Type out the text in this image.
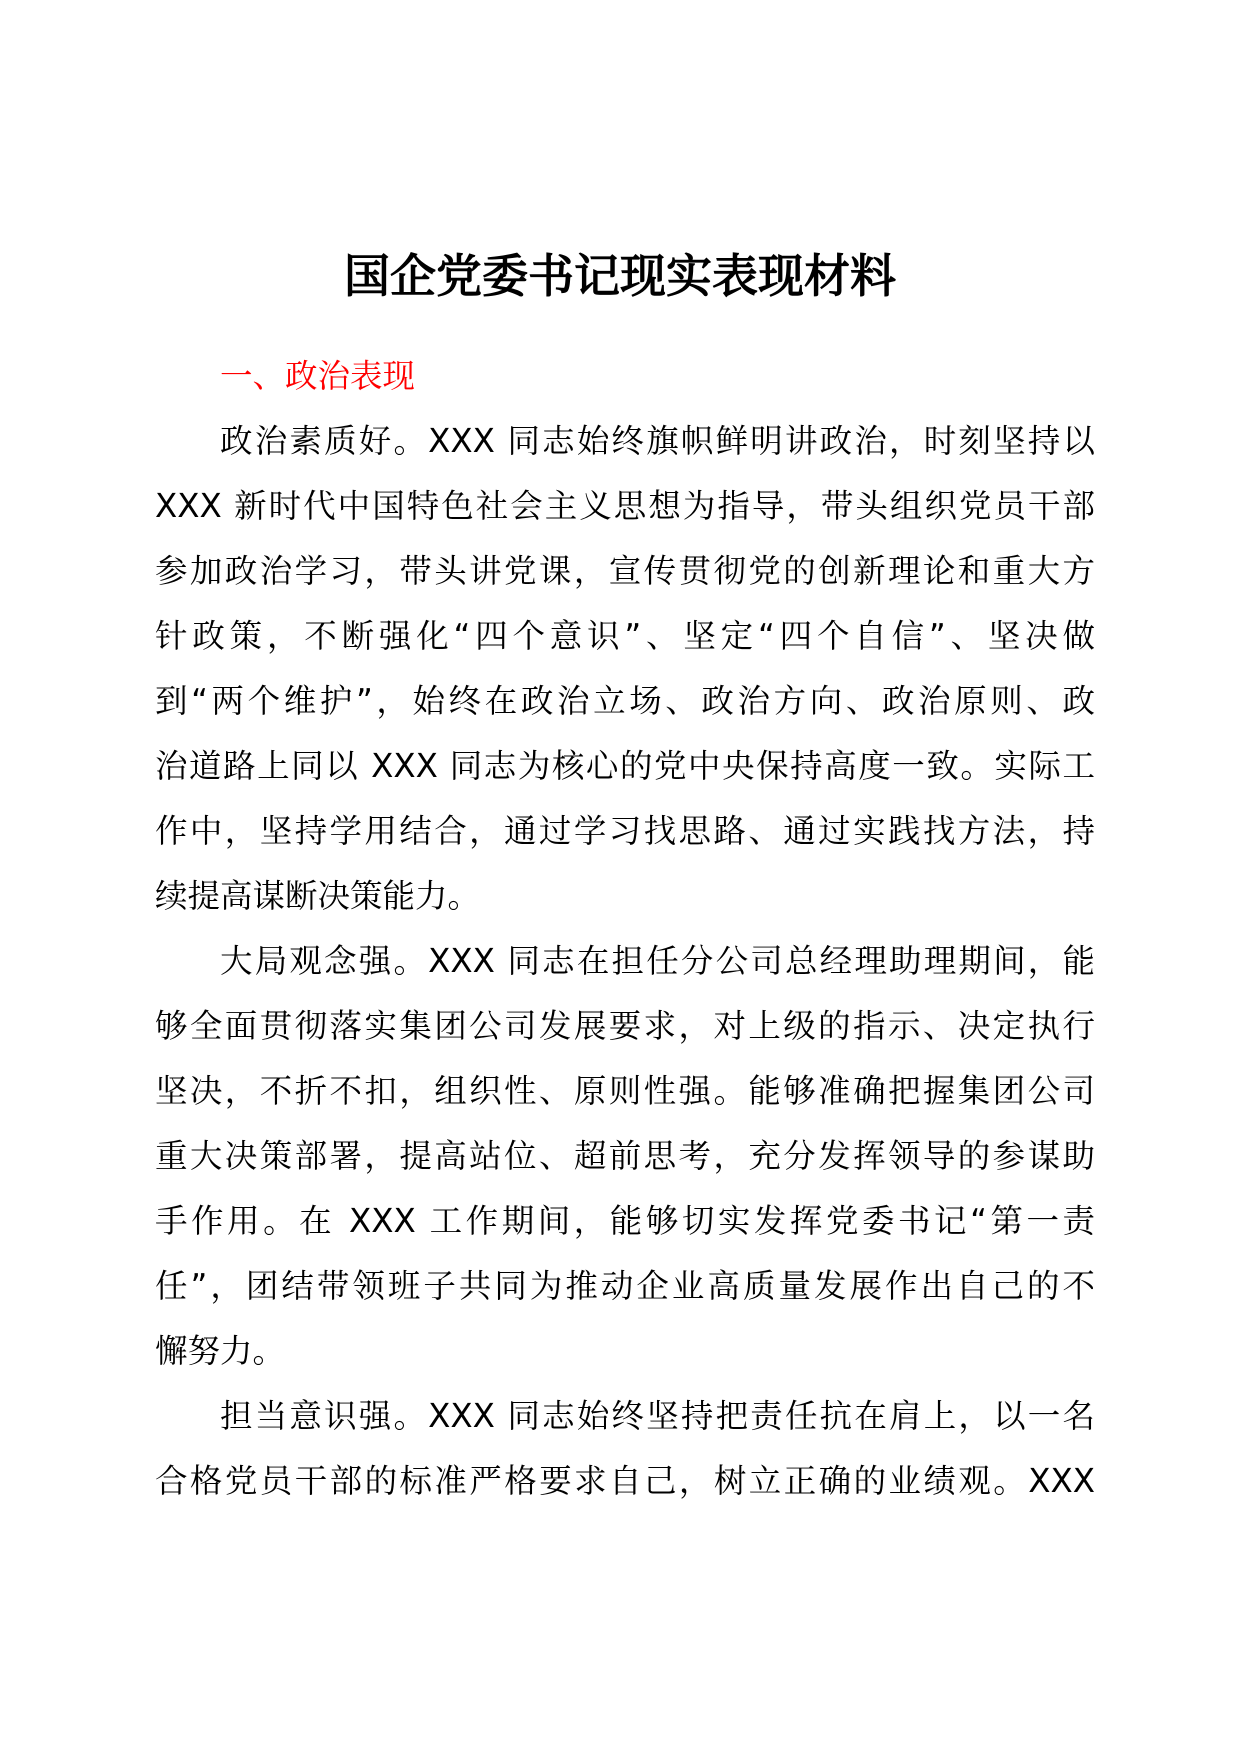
国企党委书记现实表现材料
一、政治表现
政治素质好。XXX 同志始终旗帜鲜明讲政治，时刻坚持以
XXX 新时代中国特色社会主义思想为指导，带头组织党员干部
参加政治学习，带头讲党课，宣传贯彻党的创新理论和重大方
针政策，不断强化“四个意识”、坚定“四个自信”、坚决做
到“两个维护”，始终在政治立场、政治方向、政治原则、政
治道路上同以 XXX 同志为核心的党中央保持高度一致。实际工
作中，坚持学用结合，通过学习找思路、通过实践找方法，持
续提高谋断决策能力。
大局观念强。XXX 同志在担任分公司总经理助理期间，能
够全面贯彻落实集团公司发展要求，对上级的指示、决定执行
坚决，不折不扣，组织性、原则性强。能够准确把握集团公司
重大决策部署，提高站位、超前思考，充分发挥领导的参谋助
手作用。在 XXX 工作期间，能够切实发挥党委书记“第一责
任”，团结带领班子共同为推动企业高质量发展作出自己的不
懈努力。
担当意识强。XXX 同志始终坚持把责任抗在肩上，以一名
合格党员干部的标准严格要求自己，树立正确的业绩观。XXX
